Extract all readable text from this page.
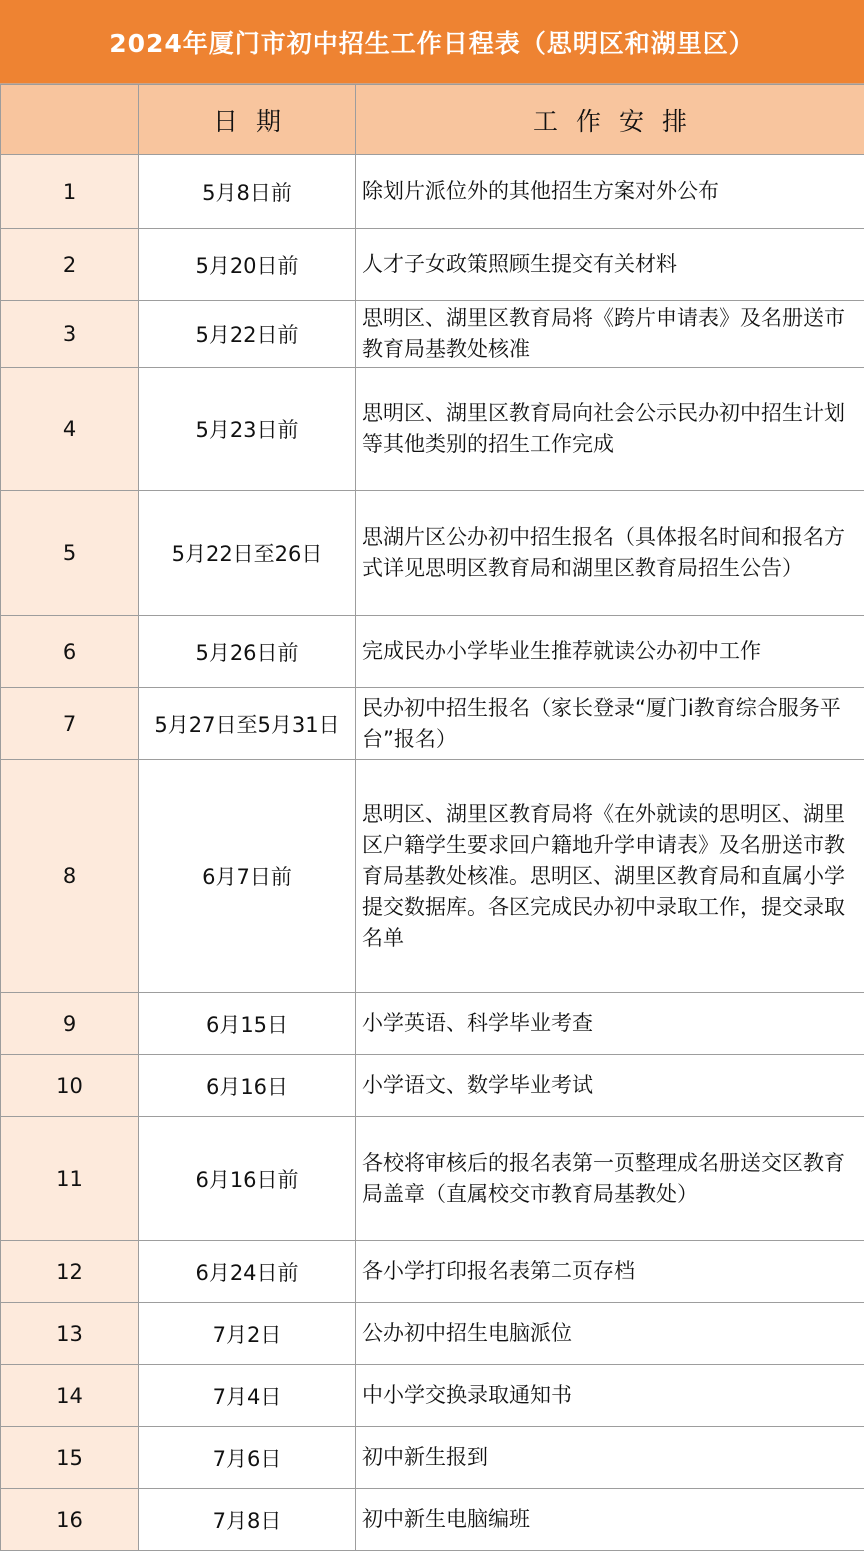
2024年厦门市初中招生工作日程表（思明区和湖里区）
	日期	工作安排
1	5月8日前	除划片派位外的其他招生方案对外公布
2	5月20日前	人才子女政策照顾生提交有关材料
3	5月22日前	思明区、湖里区教育局将《跨片申请表》及名册送市教育局基教处核准
4	5月23日前	思明区、湖里区教育局向社会公示民办初中招生计划等其他类别的招生工作完成
5	5月22日至26日	思湖片区公办初中招生报名（具体报名时间和报名方式详见思明区教育局和湖里区教育局招生公告）
6	5月26日前	完成民办小学毕业生推荐就读公办初中工作
7	5月27日至5月31日	民办初中招生报名（家长登录“厦门i教育综合服务平台”报名）
8	6月7日前	思明区、湖里区教育局将《在外就读的思明区、湖里区户籍学生要求回户籍地升学申请表》及名册送市教育局基教处核准。思明区、湖里区教育局和直属小学提交数据库。各区完成民办初中录取工作，提交录取名单
9	6月15日	小学英语、科学毕业考查
10	6月16日	小学语文、数学毕业考试
11	6月16日前	各校将审核后的报名表第一页整理成名册送交区教育局盖章（直属校交市教育局基教处）
12	6月24日前	各小学打印报名表第二页存档
13	7月2日	公办初中招生电脑派位
14	7月4日	中小学交换录取通知书
15	7月6日	初中新生报到
16	7月8日	初中新生电脑编班
